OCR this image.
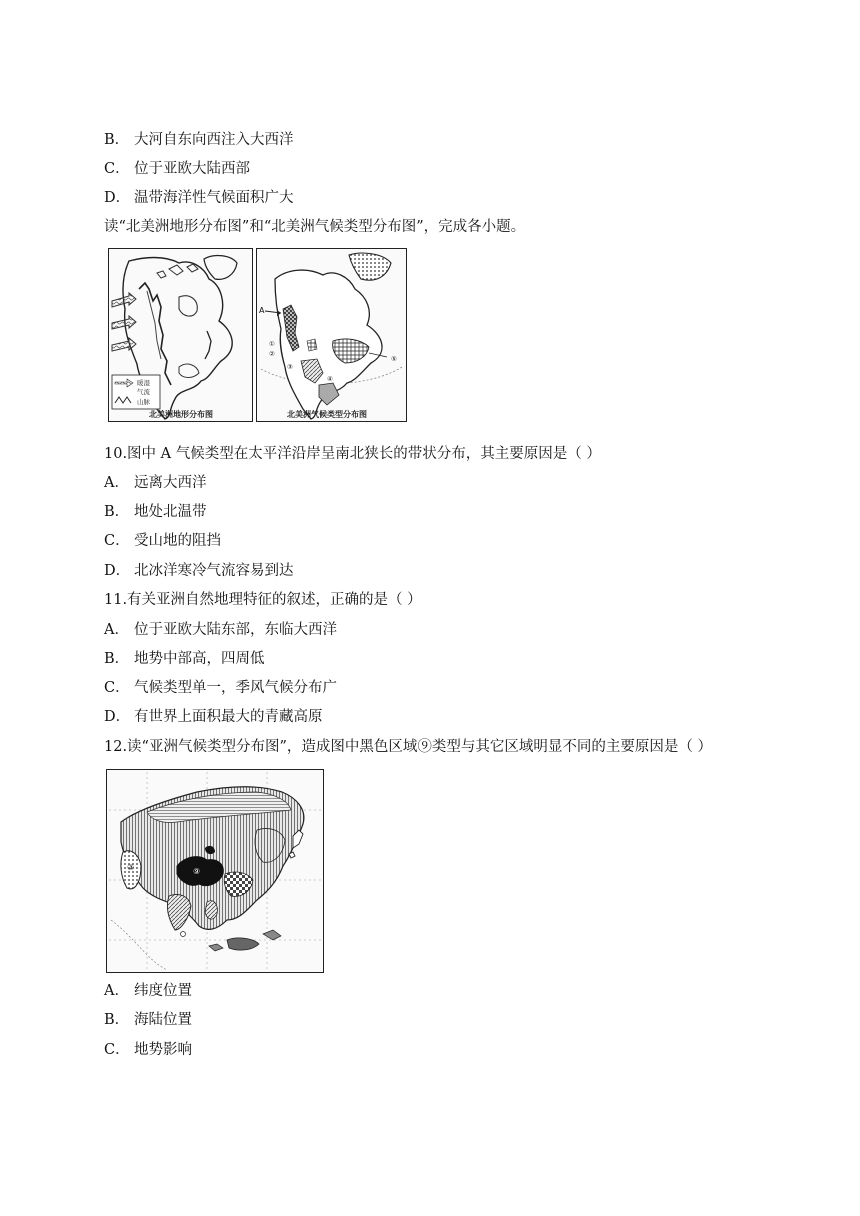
B． 大河自东向西注入大西洋
C． 位于亚欧大陆西部
D． 温带海洋性气候面积广大
读“北美洲地形分布图”和“北美洲气候类型分布图”，完成各小题。
暖湿
气流
山脉
北美洲地形分布图
A
①
②
③
④
⑤
北美洲气候类型分布图
10.图中 A 气候类型在太平洋沿岸呈南北狭长的带状分布，其主要原因是（ ）
A． 远离大西洋
B． 地处北温带
C． 受山地的阻挡
D． 北冰洋寒冷气流容易到达
11.有关亚洲自然地理特征的叙述，正确的是（ ）
A． 位于亚欧大陆东部，东临大西洋
B． 地势中部高，四周低
C． 气候类型单一，季风气候分布广
D． 有世界上面积最大的青藏高原
12.读“亚洲气候类型分布图”，造成图中黑色区域⑨类型与其它区域明显不同的主要原因是（ ）
③	⑨
A． 纬度位置
B． 海陆位置
C． 地势影响
